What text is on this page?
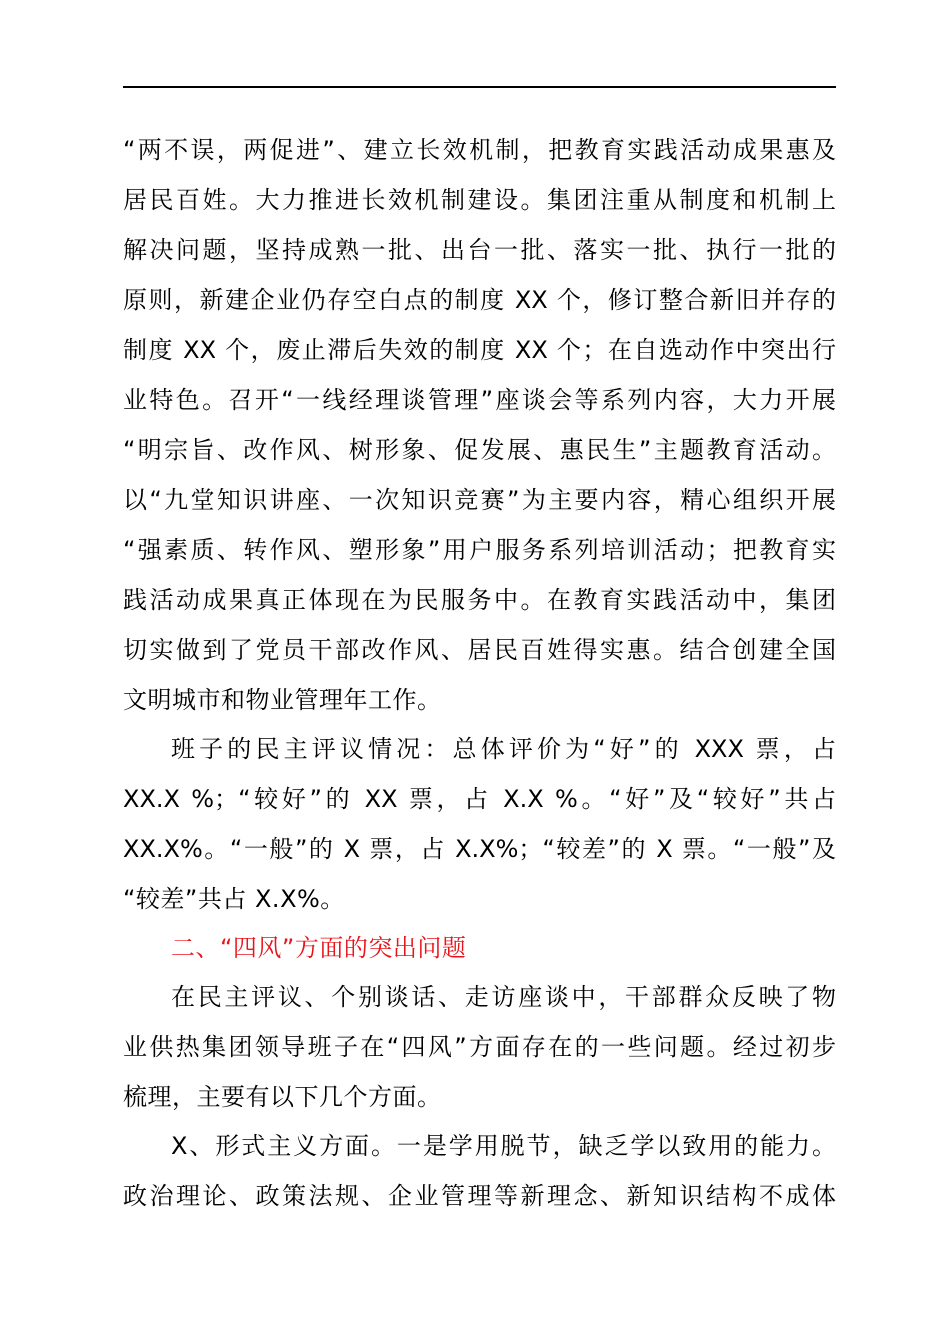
“两不误，两促进”、建立长效机制，把教育实践活动成果惠及
居民百姓。大力推进长效机制建设。集团注重从制度和机制上
解决问题，坚持成熟一批、出台一批、落实一批、执行一批的
原则，新建企业仍存空白点的制度 XX 个，修订整合新旧并存的
制度 XX 个，废止滞后失效的制度 XX 个；在自选动作中突出行
业特色。召开“一线经理谈管理”座谈会等系列内容，大力开展
“明宗旨、改作风、树形象、促发展、惠民生”主题教育活动。
以“九堂知识讲座、一次知识竞赛”为主要内容，精心组织开展
“强素质、转作风、塑形象”用户服务系列培训活动；把教育实
践活动成果真正体现在为民服务中。在教育实践活动中，集团
切实做到了党员干部改作风、居民百姓得实惠。结合创建全国
文明城市和物业管理年工作。
班子的民主评议情况：总体评价为“好”的 XXX 票，占
XX.X %；“较好”的 XX 票，占 X.X %。“好”及“较好”共占
XX.X%。“一般”的 X 票，占 X.X%；“较差”的 X 票。“一般”及
“较差”共占 X.X%。
二、“四风”方面的突出问题
在民主评议、个别谈话、走访座谈中，干部群众反映了物
业供热集团领导班子在“四风”方面存在的一些问题。经过初步
梳理，主要有以下几个方面。
X、形式主义方面。一是学用脱节，缺乏学以致用的能力。
政治理论、政策法规、企业管理等新理念、新知识结构不成体
